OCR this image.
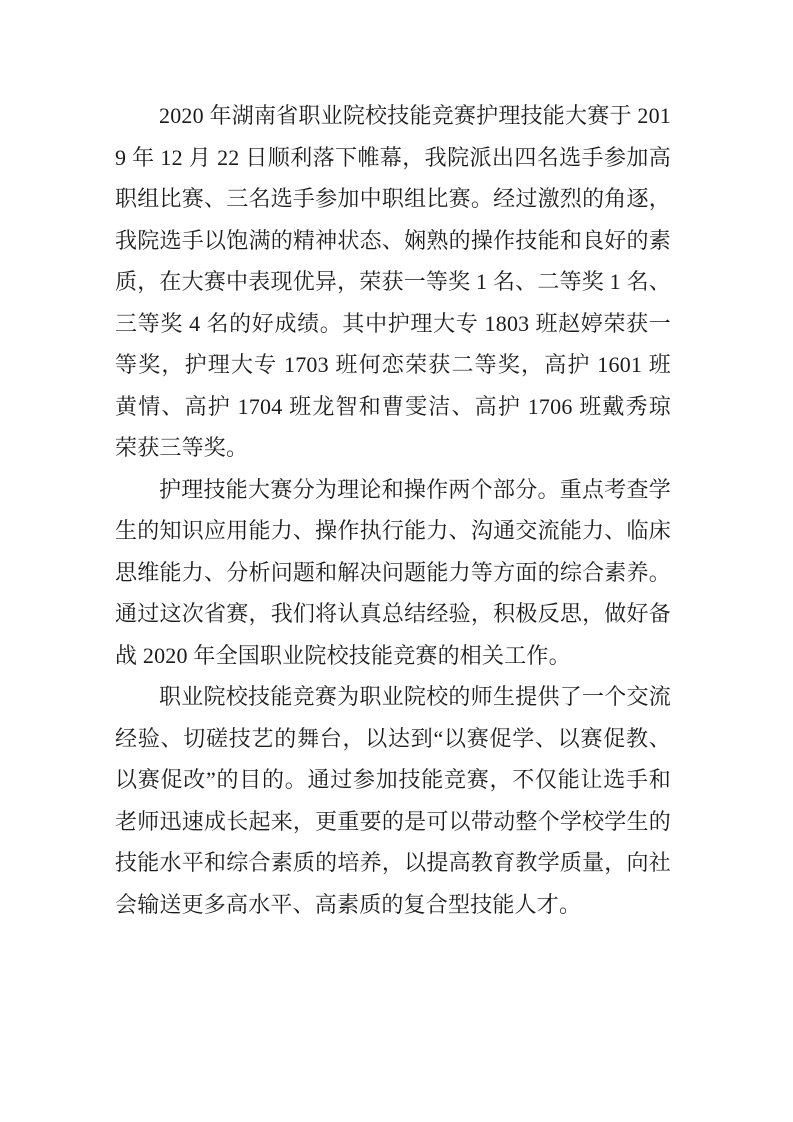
2020 年湖南省职业院校技能竞赛护理技能大赛于 2019 年 12 月 22 日顺利落下帷幕，我院派出四名选手参加高职组比赛、三名选手参加中职组比赛。经过激烈的角逐，我院选手以饱满的精神状态、娴熟的操作技能和良好的素质，在大赛中表现优异，荣获一等奖 1 名、二等奖 1 名、三等奖 4 名的好成绩。其中护理大专 1803 班赵婷荣获一等奖，护理大专 1703 班何恋荣获二等奖，高护 1601 班黄情、高护 1704 班龙智和曹雯洁、高护 1706 班戴秀琼荣获三等奖。

护理技能大赛分为理论和操作两个部分。重点考查学生的知识应用能力、操作执行能力、沟通交流能力、临床思维能力、分析问题和解决问题能力等方面的综合素养。通过这次省赛，我们将认真总结经验，积极反思，做好备战 2020 年全国职业院校技能竞赛的相关工作。

职业院校技能竞赛为职业院校的师生提供了一个交流经验、切磋技艺的舞台，以达到“以赛促学、以赛促教、以赛促改”的目的。通过参加技能竞赛，不仅能让选手和老师迅速成长起来，更重要的是可以带动整个学校学生的技能水平和综合素质的培养，以提高教育教学质量，向社会输送更多高水平、高素质的复合型技能人才。
